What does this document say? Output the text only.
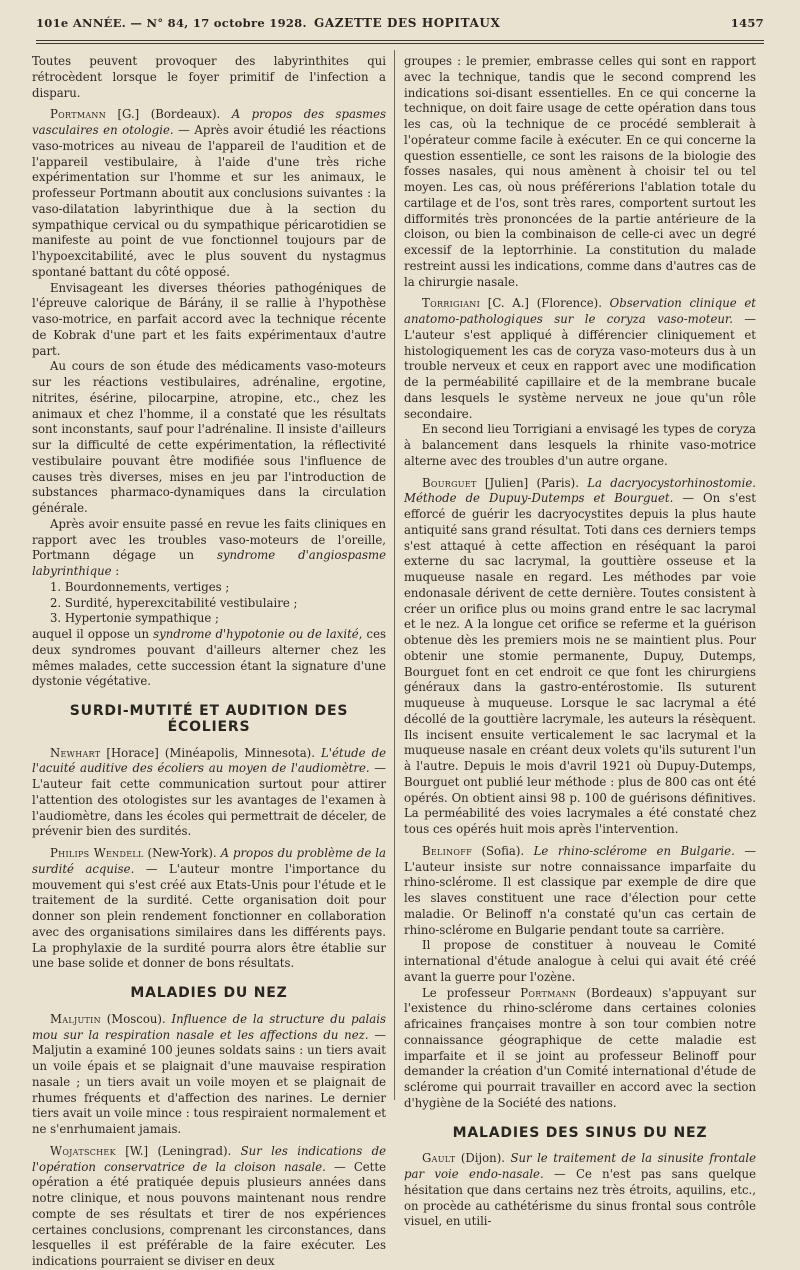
101e ANNÉE. — N° 84, 17 octobre 1928. GAZETTE DES HOPITAUX	1457

Toutes peuvent provoquer des labyrinthites qui rétrocèdent lorsque le foyer primitif de l'infection a disparu.

Portmann [G.] (Bordeaux). A propos des spasmes vasculaires en otologie. — Après avoir étudié les réactions vaso-motrices au niveau de l'appareil de l'audition et de l'appareil vestibulaire, à l'aide d'une très riche expérimentation sur l'homme et sur les animaux, le professeur Portmann aboutit aux conclusions suivantes : la vaso-dilatation labyrinthique due à la section du sympathique cervical ou du sympathique péricarotidien se manifeste au point de vue fonctionnel toujours par de l'hypoexcitabilité, avec le plus souvent du nystagmus spontané battant du côté opposé.

Envisageant les diverses théories pathogéniques de l'épreuve calorique de Bárány, il se rallie à l'hypothèse vaso-motrice, en parfait accord avec la technique récente de Kobrak d'une part et les faits expérimentaux d'autre part.

Au cours de son étude des médicaments vaso-moteurs sur les réactions vestibulaires, adrénaline, ergotine, nitrites, ésérine, pilocarpine, atropine, etc., chez les animaux et chez l'homme, il a constaté que les résultats sont inconstants, sauf pour l'adrénaline. Il insiste d'ailleurs sur la difficulté de cette expérimentation, la réflectivité vestibulaire pouvant être modifiée sous l'influence de causes très diverses, mises en jeu par l'introduction de substances pharmaco-dynamiques dans la circulation générale.

Après avoir ensuite passé en revue les faits cliniques en rapport avec les troubles vaso-moteurs de l'oreille, Portmann dégage un syndrome d'angiospasme labyrinthique :

1. Bourdonnements, vertiges ;

2. Surdité, hyperexcitabilité vestibulaire ;

3. Hypertonie sympathique ;

auquel il oppose un syndrome d'hypotonie ou de laxité, ces deux syndromes pouvant d'ailleurs alterner chez les mêmes malades, cette succession étant la signature d'une dystonie végétative.

SURDI-MUTITÉ ET AUDITION DES ÉCOLIERS

Newhart [Horace] (Minéapolis, Minnesota). L'étude de l'acuité auditive des écoliers au moyen de l'audiomètre. — L'auteur fait cette communication surtout pour attirer l'attention des otologistes sur les avantages de l'examen à l'audiomètre, dans les écoles qui permettrait de déceler, de prévenir bien des surdités.

Philips Wendell (New-York). A propos du problème de la surdité acquise. — L'auteur montre l'importance du mouvement qui s'est créé aux Etats-Unis pour l'étude et le traitement de la surdité. Cette organisation doit pour donner son plein rendement fonctionner en collaboration avec des organisations similaires dans les différents pays. La prophylaxie de la surdité pourra alors être établie sur une base solide et donner de bons résultats.

MALADIES DU NEZ

Maljutin (Moscou). Influence de la structure du palais mou sur la respiration nasale et les affections du nez. — Maljutin a examiné 100 jeunes soldats sains : un tiers avait un voile épais et se plaignait d'une mauvaise respiration nasale ; un tiers avait un voile moyen et se plaignait de rhumes fréquents et d'affection des narines. Le dernier tiers avait un voile mince : tous respiraient normalement et ne s'enrhumaient jamais.

Wojatschek [W.] (Leningrad). Sur les indications de l'opération conservatrice de la cloison nasale. — Cette opération a été pratiquée depuis plusieurs années dans notre clinique, et nous pouvons maintenant nous rendre compte de ses résultats et tirer de nos expériences certaines conclusions, comprenant les circonstances, dans lesquelles il est préférable de la faire exécuter. Les indications pourraient se diviser en deux

groupes : le premier, embrasse celles qui sont en rapport avec la technique, tandis que le second comprend les indications soi-disant essentielles. En ce qui concerne la technique, on doit faire usage de cette opération dans tous les cas, où la technique de ce procédé semblerait à l'opérateur comme facile à exécuter. En ce qui concerne la question essentielle, ce sont les raisons de la biologie des fosses nasales, qui nous amènent à choisir tel ou tel moyen. Les cas, où nous préférerions l'ablation totale du cartilage et de l'os, sont très rares, comportent surtout les difformités très prononcées de la partie antérieure de la cloison, ou bien la combinaison de celle-ci avec un degré excessif de la leptorrhinie. La constitution du malade restreint aussi les indications, comme dans d'autres cas de la chirurgie nasale.

Torrigiani [C. A.] (Florence). Observation clinique et anatomo-pathologiques sur le coryza vaso-moteur. — L'auteur s'est appliqué à différencier cliniquement et histologiquement les cas de coryza vaso-moteurs dus à un trouble nerveux et ceux en rapport avec une modification de la perméabilité capillaire et de la membrane bucale dans lesquels le système nerveux ne joue qu'un rôle secondaire.

En second lieu Torrigiani a envisagé les types de coryza à balancement dans lesquels la rhinite vaso-motrice alterne avec des troubles d'un autre organe.

Bourguet [Julien] (Paris). La dacryocystorhinostomie. Méthode de Dupuy-Dutemps et Bourguet. — On s'est efforcé de guérir les dacryocystites depuis la plus haute antiquité sans grand résultat. Toti dans ces derniers temps s'est attaqué à cette affection en réséquant la paroi externe du sac lacrymal, la gouttière osseuse et la muqueuse nasale en regard. Les méthodes par voie endonasale dérivent de cette dernière. Toutes consistent à créer un orifice plus ou moins grand entre le sac lacrymal et le nez. A la longue cet orifice se referme et la guérison obtenue dès les premiers mois ne se maintient plus. Pour obtenir une stomie permanente, Dupuy, Dutemps, Bourguet font en cet endroit ce que font les chirurgiens généraux dans la gastro-entérostomie. Ils suturent muqueuse à muqueuse. Lorsque le sac lacrymal a été décollé de la gouttière lacrymale, les auteurs la résèquent. Ils incisent ensuite verticalement le sac lacrymal et la muqueuse nasale en créant deux volets qu'ils suturent l'un à l'autre. Depuis le mois d'avril 1921 où Dupuy-Dutemps, Bourguet ont publié leur méthode : plus de 800 cas ont été opérés. On obtient ainsi 98 p. 100 de guérisons définitives. La perméabilité des voies lacrymales a été constaté chez tous ces opérés huit mois après l'intervention.

Belinoff (Sofia). Le rhino-sclérome en Bulgarie. — L'auteur insiste sur notre connaissance imparfaite du rhino-sclérome. Il est classique par exemple de dire que les slaves constituent une race d'élection pour cette maladie. Or Belinoff n'a constaté qu'un cas certain de rhino-sclérome en Bulgarie pendant toute sa carrière.

Il propose de constituer à nouveau le Comité international d'étude analogue à celui qui avait été créé avant la guerre pour l'ozène.

Le professeur Portmann (Bordeaux) s'appuyant sur l'existence du rhino-sclérome dans certaines colonies africaines françaises montre à son tour combien notre connaissance géographique de cette maladie est imparfaite et il se joint au professeur Belinoff pour demander la création d'un Comité international d'étude de sclérome qui pourrait travailler en accord avec la section d'hygiène de la Société des nations.

MALADIES DES SINUS DU NEZ

Gault (Dijon). Sur le traitement de la sinusite frontale par voie endo-nasale. — Ce n'est pas sans quelque hésitation que dans certains nez très étroits, aquilins, etc., on procède au cathétérisme du sinus frontal sous contrôle visuel, en utili-
